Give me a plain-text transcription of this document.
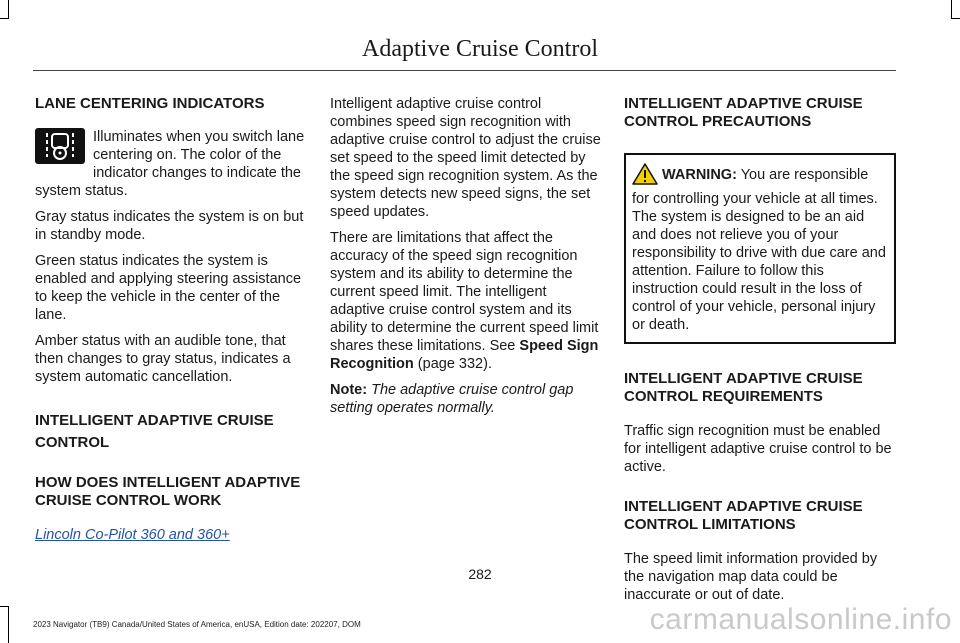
Adaptive Cruise Control

LANE CENTERING INDICATORS

Illuminates when you switch lane centering on. The color of the indicator changes to indicate the system status.

Gray status indicates the system is on but in standby mode.

Green status indicates the system is enabled and applying steering assistance to keep the vehicle in the center of the lane.

Amber status with an audible tone, that then changes to gray status, indicates a system automatic cancellation.

INTELLIGENT ADAPTIVE CRUISE

CONTROL

HOW DOES INTELLIGENT ADAPTIVE CRUISE CONTROL WORK

Lincoln Co-Pilot 360 and 360+

Intelligent adaptive cruise control combines speed sign recognition with adaptive cruise control to adjust the cruise set speed to the speed limit detected by the speed sign recognition system. As the system detects new speed signs, the set speed updates.

There are limitations that affect the accuracy of the speed sign recognition system and its ability to determine the current speed limit. The intelligent adaptive cruise control system and its ability to determine the current speed limit shares these limitations. See Speed Sign Recognition (page 332).

Note: The adaptive cruise control gap setting operates normally.

INTELLIGENT ADAPTIVE CRUISE CONTROL PRECAUTIONS

WARNING: You are responsible for controlling your vehicle at all times. The system is designed to be an aid and does not relieve you of your responsibility to drive with due care and attention. Failure to follow this instruction could result in the loss of control of your vehicle, personal injury or death.

INTELLIGENT ADAPTIVE CRUISE CONTROL REQUIREMENTS

Traffic sign recognition must be enabled for intelligent adaptive cruise control to be active.

INTELLIGENT ADAPTIVE CRUISE CONTROL LIMITATIONS

The speed limit information provided by the navigation map data could be inaccurate or out of date.

282
2023 Navigator (TB9) Canada/United States of America, enUSA, Edition date: 202207, DOM	carmanualsonline.info
